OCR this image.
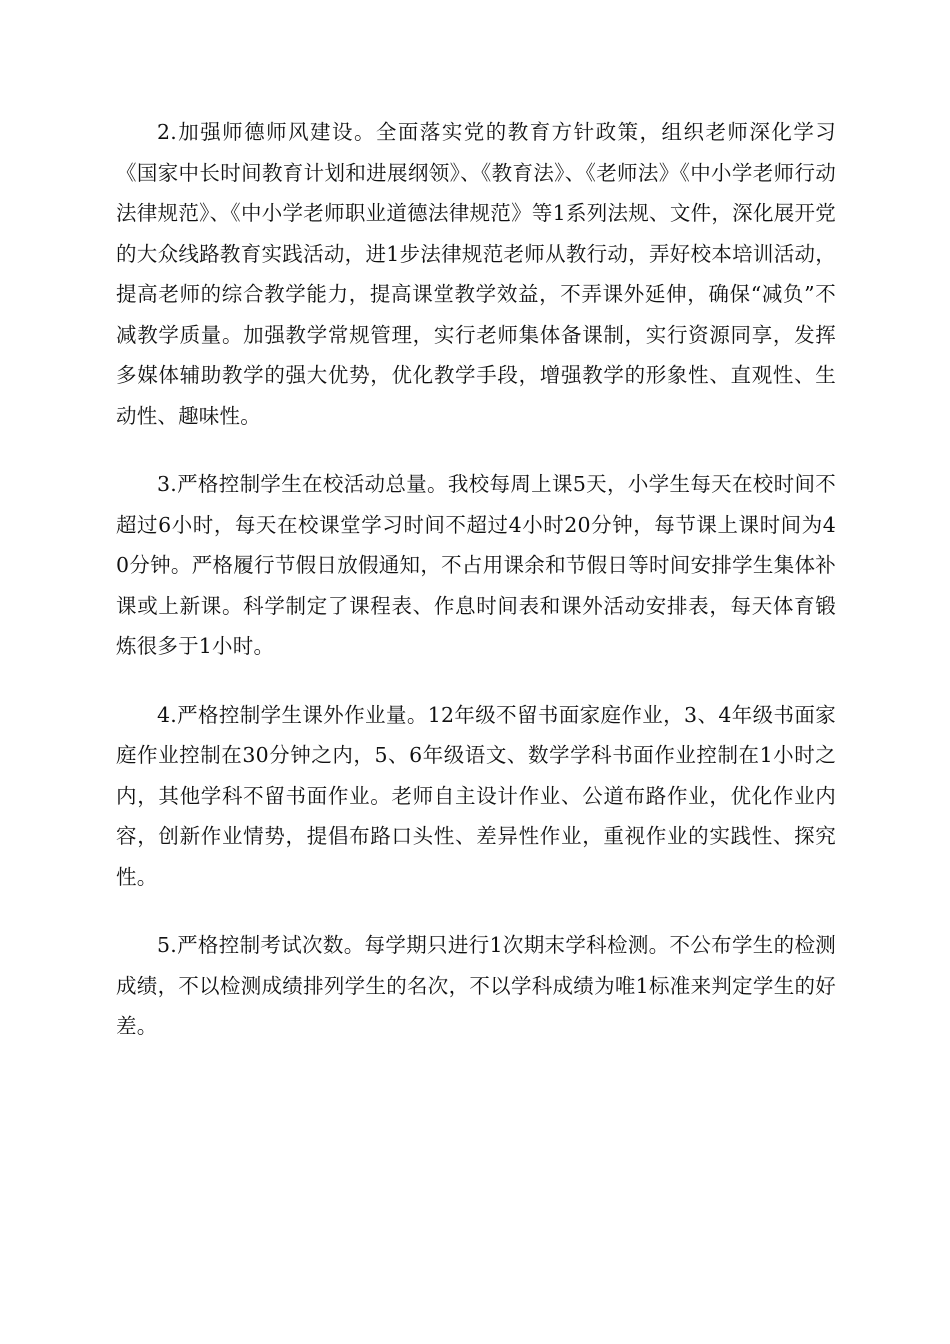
2.加强师德师风建设。全面落实党的教育方针政策，组织老师深化学习《国家中长时间教育计划和进展纲领》、《教育法》、《老师法》《中小学老师行动法律规范》、《中小学老师职业道德法律规范》等1系列法规、文件，深化展开党的大众线路教育实践活动，进1步法律规范老师从教行动，弄好校本培训活动，提高老师的综合教学能力，提高课堂教学效益，不弄课外延伸，确保“减负”不减教学质量。加强教学常规管理，实行老师集体备课制，实行资源同享，发挥多媒体辅助教学的强大优势，优化教学手段，增强教学的形象性、直观性、生动性、趣味性。

3.严格控制学生在校活动总量。我校每周上课5天，小学生每天在校时间不超过6小时，每天在校课堂学习时间不超过4小时20分钟，每节课上课时间为40分钟。严格履行节假日放假通知，不占用课余和节假日等时间安排学生集体补课或上新课。科学制定了课程表、作息时间表和课外活动安排表，每天体育锻炼很多于1小时。

4.严格控制学生课外作业量。12年级不留书面家庭作业，3、4年级书面家庭作业控制在30分钟之内，5、6年级语文、数学学科书面作业控制在1小时之内，其他学科不留书面作业。老师自主设计作业、公道布路作业，优化作业内容，创新作业情势，提倡布路口头性、差异性作业，重视作业的实践性、探究性。

5.严格控制考试次数。每学期只进行1次期末学科检测。不公布学生的检测成绩，不以检测成绩排列学生的名次，不以学科成绩为唯1标准来判定学生的好差。
